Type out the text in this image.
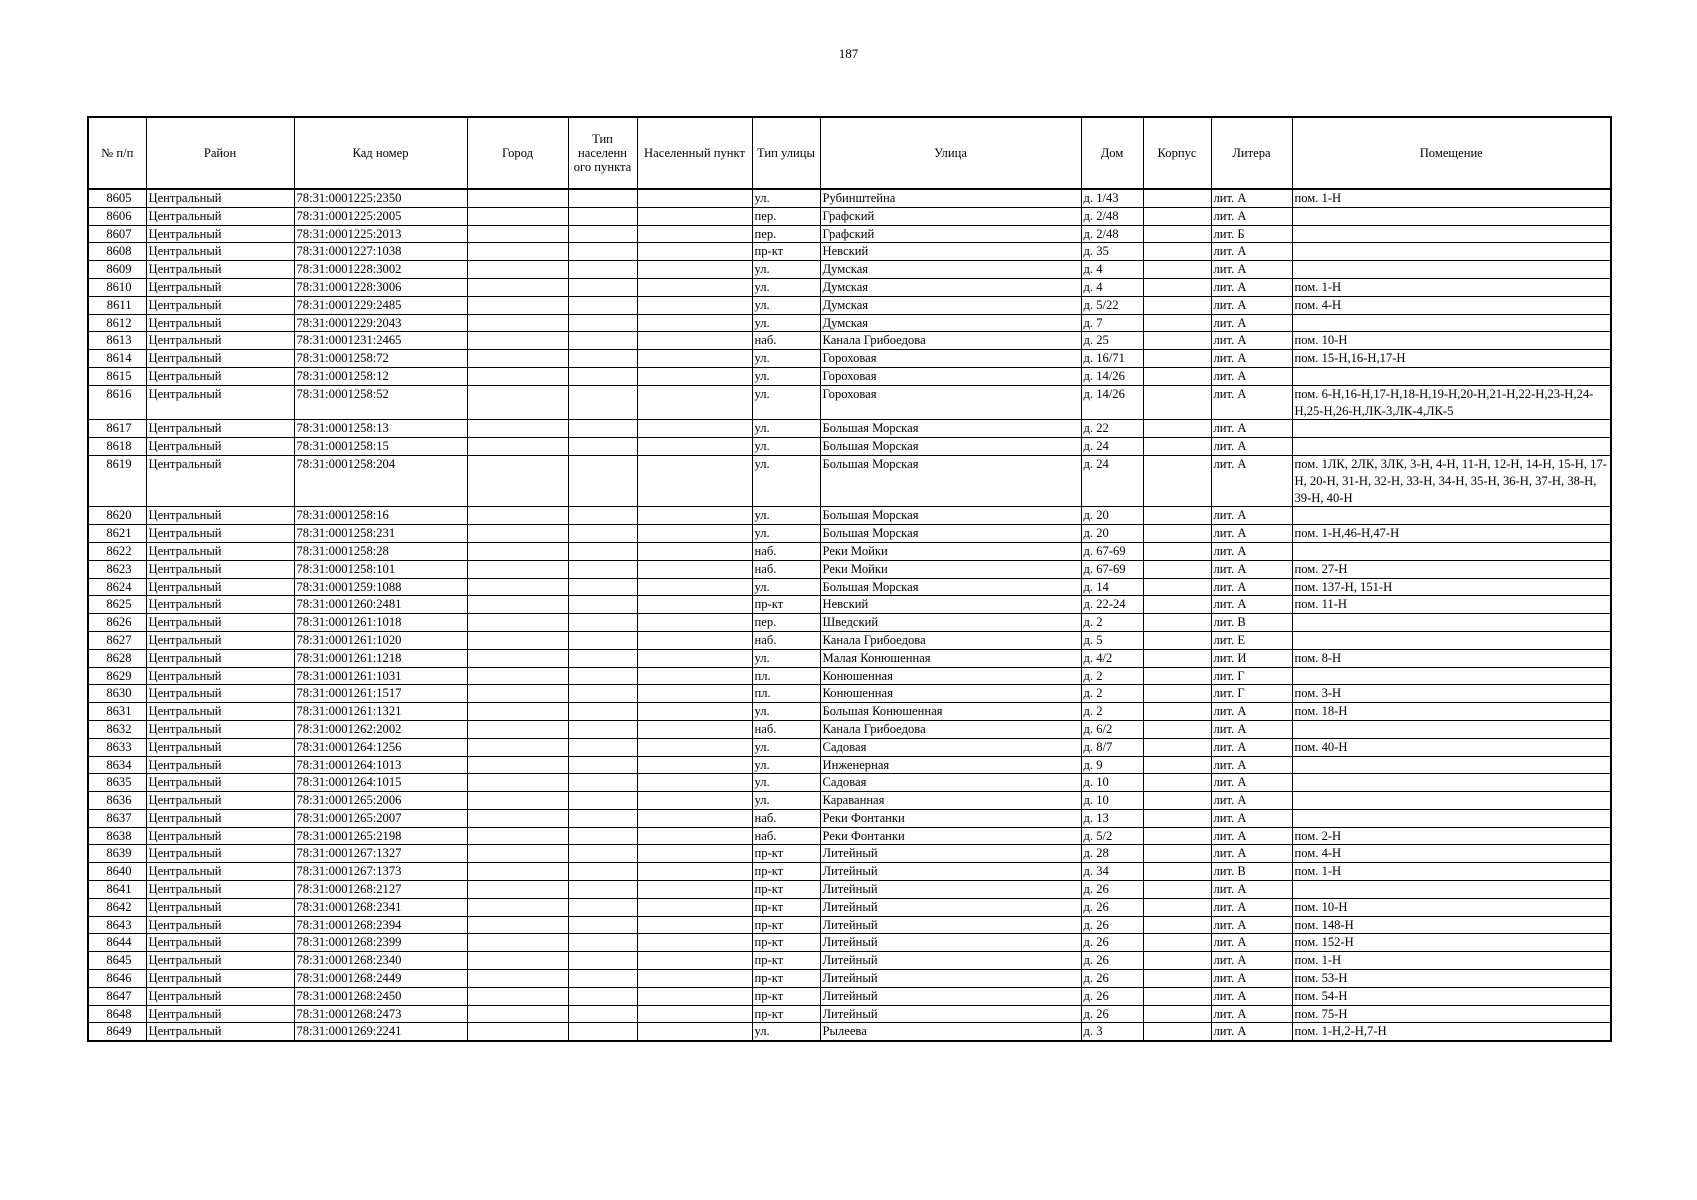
187
№ п/п	Район	Кад номер	Город	Тип населенн ого пункта	Населенный пункт	Тип улицы	Улица	Дом	Корпус	Литера	Помещение
8605	Центральный	78:31:0001225:2350				ул.	Рубинштейна	д. 1/43		лит. А	пом. 1-Н
8606	Центральный	78:31:0001225:2005				пер.	Графский	д. 2/48		лит. А	
8607	Центральный	78:31:0001225:2013				пер.	Графский	д. 2/48		лит. Б	
8608	Центральный	78:31:0001227:1038				пр-кт	Невский	д. 35		лит. А	
8609	Центральный	78:31:0001228:3002				ул.	Думская	д. 4		лит. А	
8610	Центральный	78:31:0001228:3006				ул.	Думская	д. 4		лит. А	пом. 1-Н
8611	Центральный	78:31:0001229:2485				ул.	Думская	д. 5/22		лит. А	пом. 4-Н
8612	Центральный	78:31:0001229:2043				ул.	Думская	д. 7		лит. А	
8613	Центральный	78:31:0001231:2465				наб.	Канала Грибоедова	д. 25		лит. А	пом. 10-Н
8614	Центральный	78:31:0001258:72				ул.	Гороховая	д. 16/71		лит. А	пом. 15-Н,16-Н,17-Н
8615	Центральный	78:31:0001258:12				ул.	Гороховая	д. 14/26		лит. А	
8616	Центральный	78:31:0001258:52				ул.	Гороховая	д. 14/26		лит. А	пом. 6-Н,16-Н,17-Н,18-Н,19-Н,20-Н,21-Н,22-Н,23-Н,24-Н,25-Н,26-Н,ЛК-3,ЛК-4,ЛК-5
8617	Центральный	78:31:0001258:13				ул.	Большая Морская	д. 22		лит. А	
8618	Центральный	78:31:0001258:15				ул.	Большая Морская	д. 24		лит. А	
8619	Центральный	78:31:0001258:204				ул.	Большая Морская	д. 24		лит. А	пом. 1ЛК, 2ЛК, 3ЛК, 3-Н, 4-Н, 11-Н, 12-Н, 14-Н, 15-Н, 17-Н, 20-Н, 31-Н, 32-Н, 33-Н, 34-Н, 35-Н, 36-Н, 37-Н, 38-Н, 39-Н, 40-Н
8620	Центральный	78:31:0001258:16				ул.	Большая Морская	д. 20		лит. А	
8621	Центральный	78:31:0001258:231				ул.	Большая Морская	д. 20		лит. А	пом. 1-Н,46-Н,47-Н
8622	Центральный	78:31:0001258:28				наб.	Реки Мойки	д. 67-69		лит. А	
8623	Центральный	78:31:0001258:101				наб.	Реки Мойки	д. 67-69		лит. А	пом. 27-Н
8624	Центральный	78:31:0001259:1088				ул.	Большая Морская	д. 14		лит. А	пом. 137-Н, 151-Н
8625	Центральный	78:31:0001260:2481				пр-кт	Невский	д. 22-24		лит. А	пом. 11-Н
8626	Центральный	78:31:0001261:1018				пер.	Шведский	д. 2		лит. В	
8627	Центральный	78:31:0001261:1020				наб.	Канала Грибоедова	д. 5		лит. Е	
8628	Центральный	78:31:0001261:1218				ул.	Малая Конюшенная	д. 4/2		лит. И	пом. 8-Н
8629	Центральный	78:31:0001261:1031				пл.	Конюшенная	д. 2		лит. Г	
8630	Центральный	78:31:0001261:1517				пл.	Конюшенная	д. 2		лит. Г	пом. 3-Н
8631	Центральный	78:31:0001261:1321				ул.	Большая Конюшенная	д. 2		лит. А	пом. 18-Н
8632	Центральный	78:31:0001262:2002				наб.	Канала Грибоедова	д. 6/2		лит. А	
8633	Центральный	78:31:0001264:1256				ул.	Садовая	д. 8/7		лит. А	пом. 40-Н
8634	Центральный	78:31:0001264:1013				ул.	Инженерная	д. 9		лит. А	
8635	Центральный	78:31:0001264:1015				ул.	Садовая	д. 10		лит. А	
8636	Центральный	78:31:0001265:2006				ул.	Караванная	д. 10		лит. А	
8637	Центральный	78:31:0001265:2007				наб.	Реки Фонтанки	д. 13		лит. А	
8638	Центральный	78:31:0001265:2198				наб.	Реки Фонтанки	д. 5/2		лит. А	пом. 2-Н
8639	Центральный	78:31:0001267:1327				пр-кт	Литейный	д. 28		лит. А	пом. 4-Н
8640	Центральный	78:31:0001267:1373				пр-кт	Литейный	д. 34		лит. В	пом. 1-Н
8641	Центральный	78:31:0001268:2127				пр-кт	Литейный	д. 26		лит. А	
8642	Центральный	78:31:0001268:2341				пр-кт	Литейный	д. 26		лит. А	пом. 10-Н
8643	Центральный	78:31:0001268:2394				пр-кт	Литейный	д. 26		лит. А	пом. 148-Н
8644	Центральный	78:31:0001268:2399				пр-кт	Литейный	д. 26		лит. А	пом. 152-Н
8645	Центральный	78:31:0001268:2340				пр-кт	Литейный	д. 26		лит. А	пом. 1-Н
8646	Центральный	78:31:0001268:2449				пр-кт	Литейный	д. 26		лит. А	пом. 53-Н
8647	Центральный	78:31:0001268:2450				пр-кт	Литейный	д. 26		лит. А	пом. 54-Н
8648	Центральный	78:31:0001268:2473				пр-кт	Литейный	д. 26		лит. А	пом. 75-Н
8649	Центральный	78:31:0001269:2241				ул.	Рылеева	д. 3		лит. А	пом. 1-Н,2-Н,7-Н
